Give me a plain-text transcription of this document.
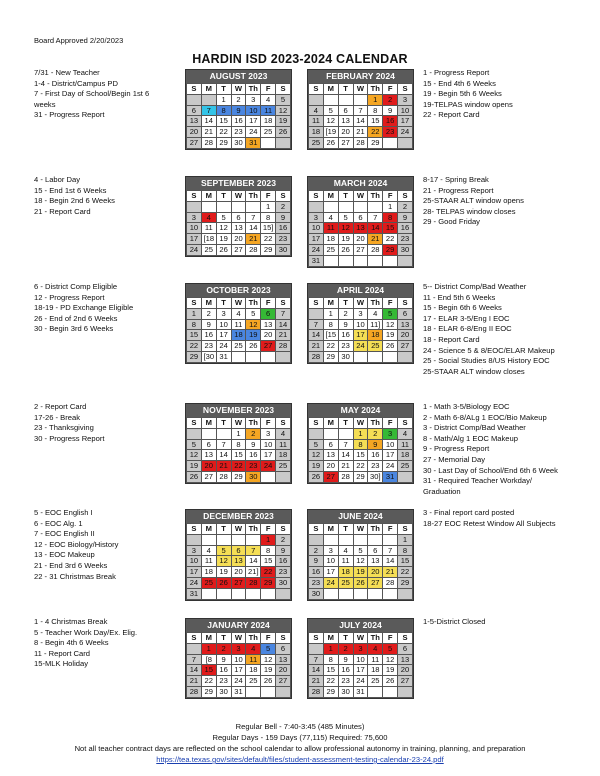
Board Approved 2/20/2023
HARDIN ISD 2023-2024 CALENDAR
7/31 - New Teacher
1-4 - District/Campus PD
7 - First Day of School/Begin 1st 6
weeks
31 - Progress Report
1 - Progress Report
15 - End 4th 6 Weeks
19 - Begin 5th 6 Weeks
19-TELPAS window opens
22 - Report Card
AUGUST 2023
S	M	T	W	Th	F	S
		1	2	3	4	5
6	7	8	9	10	11	12
13	14	15	16	17	18	19
20	21	22	23	24	25	26
27	28	29	30	31		
FEBRUARY 2024
S	M	T	W	Th	F	S
				1	2	3
4	5	6	7	8	9	10
11	12	13	14	15	16	17
18	[19	20	21	22	23	24
25	26	27	28	29		
4 - Labor Day
15 - End 1st 6 Weeks
18 - Begin 2nd 6 Weeks
21 - Report Card
8-17 - Spring Break
21 - Progress Report
25-STAAR ALT window opens
28- TELPAS window closes
29 - Good Friday
SEPTEMBER 2023
S	M	T	W	Th	F	S
					1	2
3	4	5	6	7	8	9
10	11	12	13	14	15]	16
17	[18	19	20	21	22	23
24	25	26	27	28	29	30
MARCH 2024
S	M	T	W	Th	F	S
					1	2
3	4	5	6	7	8	9
10	11	12	13	14	15	16
17	18	19	20	21	22	23
24	25	26	27	28	29	30
31						
6 - District Comp Eligible
12 - Progress Report
18-19 - PD Exchange Eligible
26 - End of 2nd 6 Weeks
30 - Begin 3rd 6 Weeks
5-- District Comp/Bad Weather
11 - End 5th 6 Weeks
15 - Begin 6th 6 Weeks
17 - ELAR 3-5/Eng I EOC
18 - ELAR 6-8/Eng II EOC
18 - Report Card
24 - Science 5 & 8/EOC/ELAR Makeup
25 - Social Studies 8/US History EOC
25-STAAR ALT window closes
OCTOBER 2023
S	M	T	W	Th	F	S
1	2	3	4	5	6	7
8	9	10	11	12	13	14
15	16	17	18	19	20	21
22	23	24	25	26	27	28
29	[30	31				
APRIL 2024
S	M	T	W	Th	F	S
	1	2	3	4	5	6
7	8	9	10	11]	12	13
14	[15	16	17	18	19	20
21	22	23	24	25	26	27
28	29	30				
2 - Report Card
17-26 - Break
23 - Thanksgiving
30 - Progress Report
1 - Math 3-5/Biology EOC
2 - Math 6-8/ALg 1 EOC/Bio Makeup
3 - District Comp/Bad Weather
8 - Math/Alg 1 EOC Makeup
9 - Progress Report
27 - Memorial Day
30 - Last Day of School/End 6th 6 Week
31 - Required Teacher Workday/
Graduation
NOVEMBER 2023
S	M	T	W	Th	F	S
			1	2	3	4
5	6	7	8	9	10	11
12	13	14	15	16	17	18
19	20	21	22	23	24	25
26	27	28	29	30		
MAY 2024
S	M	T	W	Th	F	S
			1	2	3	4
5	6	7	8	9	10	11
12	13	14	15	16	17	18
19	20	21	22	23	24	25
26	27	28	29	30]	31	
5 - EOC English I
6 - EOC Alg. 1
7 - EOC English II
12 - EOC Biology/History
13 - EOC Makeup
21 - End 3rd 6 Weeks
22 - 31 Christmas Break
3 - Final report card posted
18-27 EOC Retest Window All Subjects
DECEMBER 2023
S	M	T	W	Th	F	S
					1	2
3	4	5	6	7	8	9
10	11	12	13	14	15	16
17	18	19	20	21]	22	23
24	25	26	27	28	29	30
31						
JUNE 2024
S	M	T	W	Th	F	S
						1
2	3	4	5	6	7	8
9	10	11	12	13	14	15
16	17	18	19	20	21	22
23	24	25	26	27	28	29
30						
1 - 4 Christmas Break
5 - Teacher Work Day/Ex. Elig.
8 - Begin 4th 6 Weeks
11 - Report Card
15-MLK Holiday
1-5-District Closed
JANUARY 2024
S	M	T	W	Th	F	S
	1	2	3	4	5	6
7	[8	9	10	11	12	13
14	15	16	17	18	19	20
21	22	23	24	25	26	27
28	29	30	31			
JULY 2024
S	M	T	W	Th	F	S
	1	2	3	4	5	6
7	8	9	10	11	12	13
14	15	16	17	18	19	20
21	22	23	24	25	26	27
28	29	30	31			
Regular Bell - 7:40-3:45 (485 Minutes)
Regular Days - 159 Days (77,115) Required: 75,600
Not all teacher contract days are reflected on the school calendar to allow professional autonomy in training, planning, and preparation
https://tea.texas.gov/sites/default/files/student-assessment-testing-calendar-23-24.pdf
